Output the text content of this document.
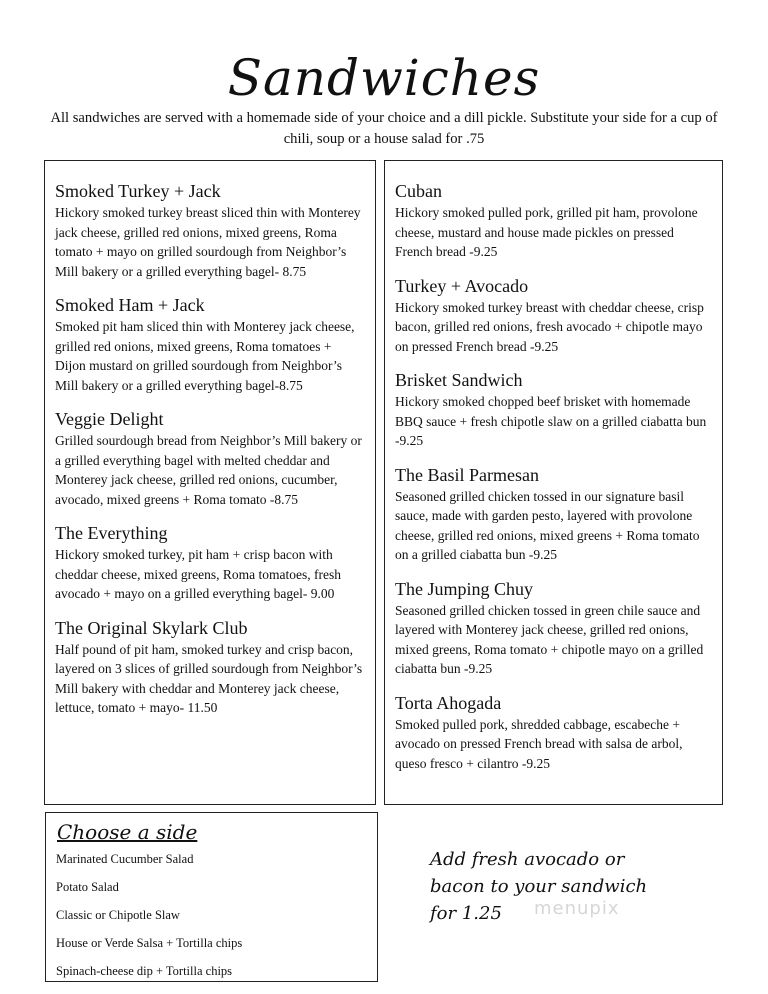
Sandwiches
All sandwiches are served with a homemade side of your choice and a dill pickle. Substitute your side for a cup of chili, soup or a house salad for .75
Smoked Turkey + Jack
Hickory smoked turkey breast sliced thin with Monterey jack cheese, grilled red onions, mixed greens, Roma tomato + mayo on grilled sourdough from Neighbor’s Mill bakery or a grilled everything bagel- 8.75
Smoked Ham + Jack
Smoked pit ham sliced thin with Monterey jack cheese, grilled red onions, mixed greens, Roma tomatoes + Dijon mustard on grilled sourdough from Neighbor’s Mill bakery or a grilled everything bagel-8.75
Veggie Delight
Grilled sourdough bread from Neighbor’s Mill bakery or a grilled everything bagel with melted cheddar and Monterey jack cheese, grilled red onions, cucumber, avocado, mixed greens + Roma tomato -8.75
The Everything
Hickory smoked turkey, pit ham + crisp bacon with cheddar cheese, mixed greens, Roma tomatoes, fresh avocado + mayo on a grilled everything bagel- 9.00
The Original Skylark Club
Half pound of pit ham, smoked turkey and crisp bacon, layered on 3 slices of grilled sourdough from Neighbor’s Mill bakery with cheddar and Monterey jack cheese, lettuce, tomato + mayo- 11.50
Cuban
Hickory smoked pulled pork, grilled pit ham, provolone cheese, mustard and house made pickles on pressed French bread -9.25
Turkey + Avocado
Hickory smoked turkey breast with cheddar cheese, crisp bacon, grilled red onions, fresh avocado + chipotle mayo on pressed French bread -9.25
Brisket Sandwich
Hickory smoked chopped beef brisket with homemade BBQ sauce + fresh chipotle slaw on a grilled ciabatta bun -9.25
The Basil Parmesan
Seasoned grilled chicken tossed in our signature basil sauce, made with garden pesto, layered with provolone cheese, grilled red onions, mixed greens + Roma tomato on a grilled ciabatta bun -9.25
The Jumping Chuy
Seasoned grilled chicken tossed in green chile sauce and layered with Monterey jack cheese, grilled red onions, mixed greens, Roma tomato + chipotle mayo on a grilled ciabatta bun -9.25
Torta Ahogada
Smoked pulled pork, shredded cabbage, escabeche + avocado on pressed French bread with salsa de arbol, queso fresco + cilantro -9.25
Choose a side
Marinated Cucumber Salad
Potato Salad
Classic or Chipotle Slaw
House or Verde Salsa + Tortilla chips
Spinach-cheese dip + Tortilla chips
Add fresh avocado or
bacon to your sandwich
for 1.25	menupix
